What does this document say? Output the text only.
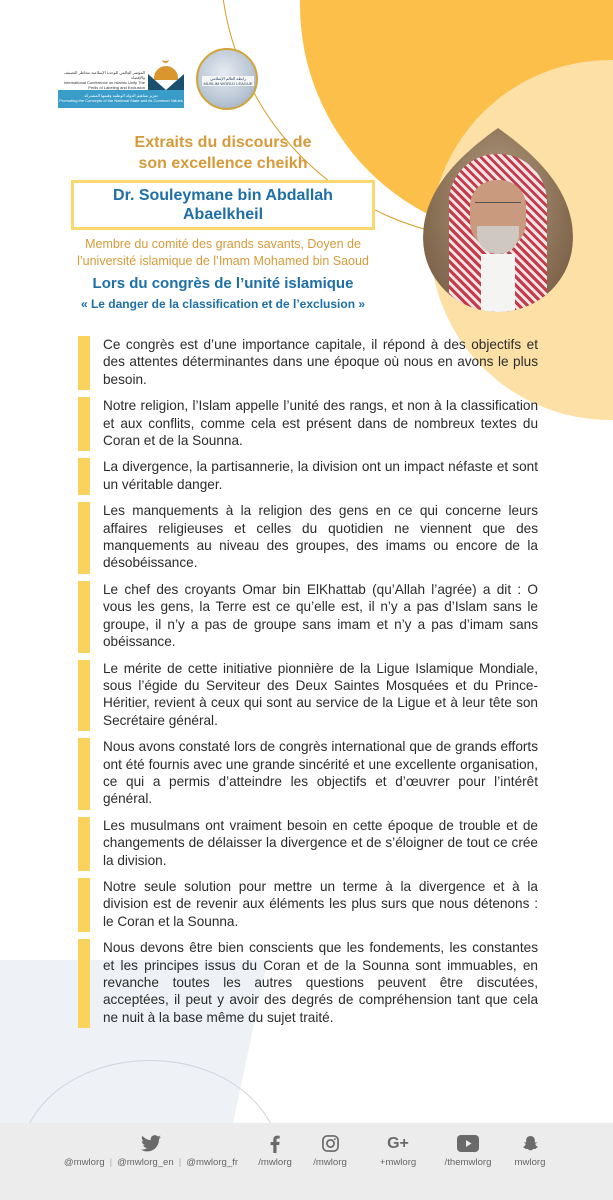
المؤتمر العالمي للوحدة الإسلامية مخاطر التصنيف والإقصاء
International Conference on Islamic Unity The Perils of Labeling and Exclusion
تعزيز مفاهيم الدولة الوطنية وقيمها المشتركة
Promoting the Concepts of the National State and its Common Values
رابطة العالم الإسلامي
MUSLIM WORLD LEAGUE
Extraits du discours de
son excellence cheikh
Dr. Souleymane bin Abdallah Abaelkheil
Membre du comité des grands savants, Doyen de
l’université islamique de l’Imam Mohamed bin Saoud
Lors du congrès de l’unité islamique
« Le danger de la classification et de l’exclusion »

Ce congrès est d’une importance capitale, il répond à des objectifs et des attentes déterminantes dans une époque où nous en avons le plus besoin.

Notre religion, l’Islam appelle l’unité des rangs, et non à la classification et aux conflits, comme cela est présent dans de nombreux textes du Coran et de la Sounna.

La divergence, la partisannerie, la division ont un impact néfaste et sont un véritable danger.

Les manquements à la religion des gens en ce qui concerne leurs affaires religieuses et celles du quotidien ne viennent que des manquements au niveau des groupes, des imams ou encore de la désobéissance.

Le chef des croyants Omar bin ElKhattab (qu’Allah l’agrée) a dit : O vous les gens, la Terre est ce qu’elle est, il n’y a pas d’Islam sans le groupe, il n’y a pas de groupe sans imam et n’y a pas d’imam sans obéissance.

Le mérite de cette initiative pionnière de la Ligue Islamique Mondiale, sous l’égide du Serviteur des Deux Saintes Mosquées et du Prince-Héritier, revient à ceux qui sont au service de la Ligue et à leur tête son Secrétaire général.

Nous avons constaté lors de congrès international que de grands efforts ont été fournis avec une grande sincérité et une excellente organisation, ce qui a permis d’atteindre les objectifs et d’œuvrer pour l’intérêt général.

Les musulmans ont vraiment besoin en cette époque de trouble et de changements de délaisser la divergence et de s’éloigner de tout ce crée la division.

Notre seule solution pour mettre un terme à la divergence et à la division est de revenir aux éléments les plus surs que nous détenons : le Coran et la Sounna.

Nous devons être bien conscients que les fondements, les constantes et les principes issus du Coran et de la Sounna sont immuables, en revanche toutes les autres questions peuvent être discutées, acceptées, il peut y avoir des degrés de compréhension tant que cela ne nuit à la base même du sujet traité.

@mwlorg | @mwlorg_en | @mwlorg_fr	/mwlorg	/mwlorg
G+
+mwlorg	/themwlorg	mwlorg
